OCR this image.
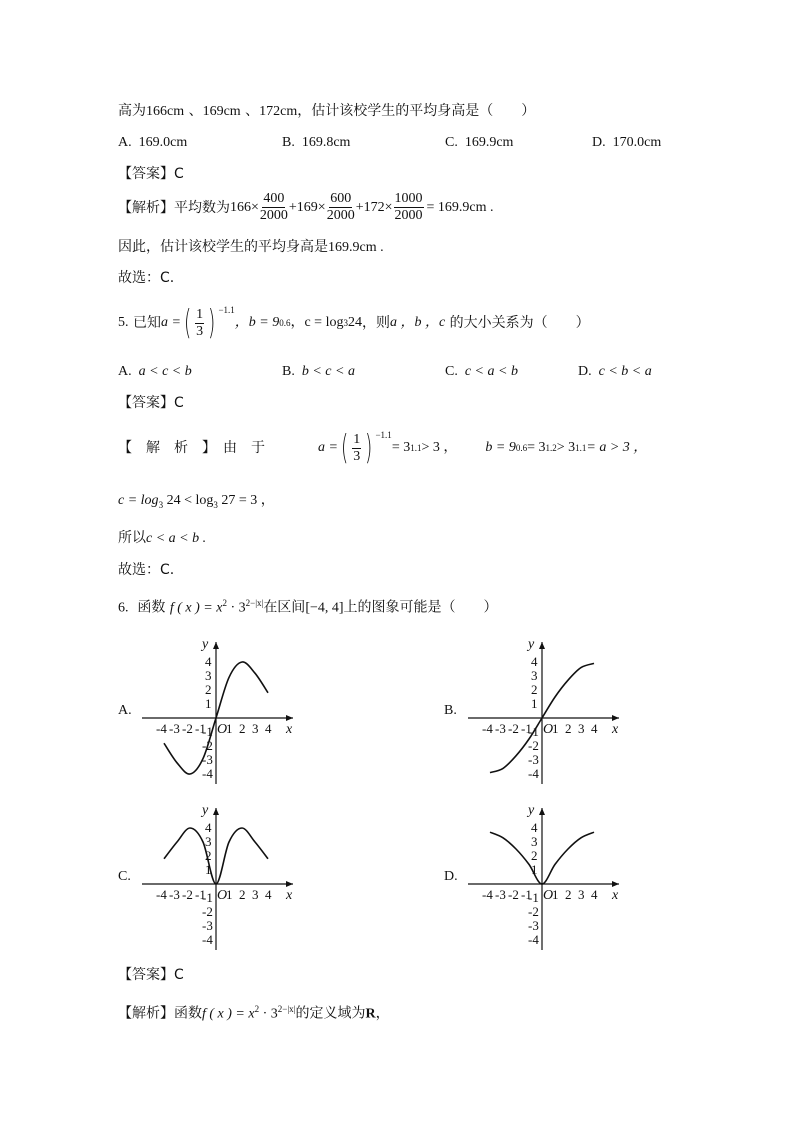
高为166cm 、169cm 、172cm，估计该校学生的平均身高是（　　）
A. 169.0cm	B. 169.8cm	C. 169.9cm	D. 170.0cm
【答案】C
【解析】平均数为 $166\times \frac{400}{2000} +169\times \frac{600}{2000} +172\times \frac{1000}{2000} = 169.9cm$ .
因此，估计该校学生的平均身高是169.9cm .
故选：C.
5.
已知 a = ( $\frac{1}{3}$ ) −1.1
，b = 9 0.6 ，c = log 3 24 ，则 a ，b ，c
的大小关系为（　　）
A. a < c < b	B. b < c < a	C. c < a < b	D. c < b < a
【答案】C
【　解　析　】　由　于	a = ( $\frac{1}{3}$ ) −1.1
= 3 1.1 > 3 ， b = 9 0.6 = 3 1.2 > 3 1.1 = a > 3 ，
$c = \log_3 24 < \log_3 27 = 3$ ，
所以c < a < b .
故选：C.
6. 函数 f ( x ) = $x^2 \cdot 3^{2-|x|}$在区间[−4, 4]上的图象可能是（　　）
A.
x
y
O
-4 -3 -2 -1 1 2 3 4
4
3
2
1
-1
-2
-3
-4
B.
x
y
O
-4 -3 -2 -1 1 2 3 4
4
3
2
1
-1
-2
-3
-4
C.
x
y
O
-4 -3 -2 -1 1 2 3 4
4
3
2
1
-1
-2
-3
-4
D.
x
y
O
-4 -3 -2 -1 1 2 3 4
4
3
2
1
-1
-2
-3
-4
【答案】C
【解析】函数f ( x ) = $x^2 \cdot 3^{2-|x|}$的定义域为R，
